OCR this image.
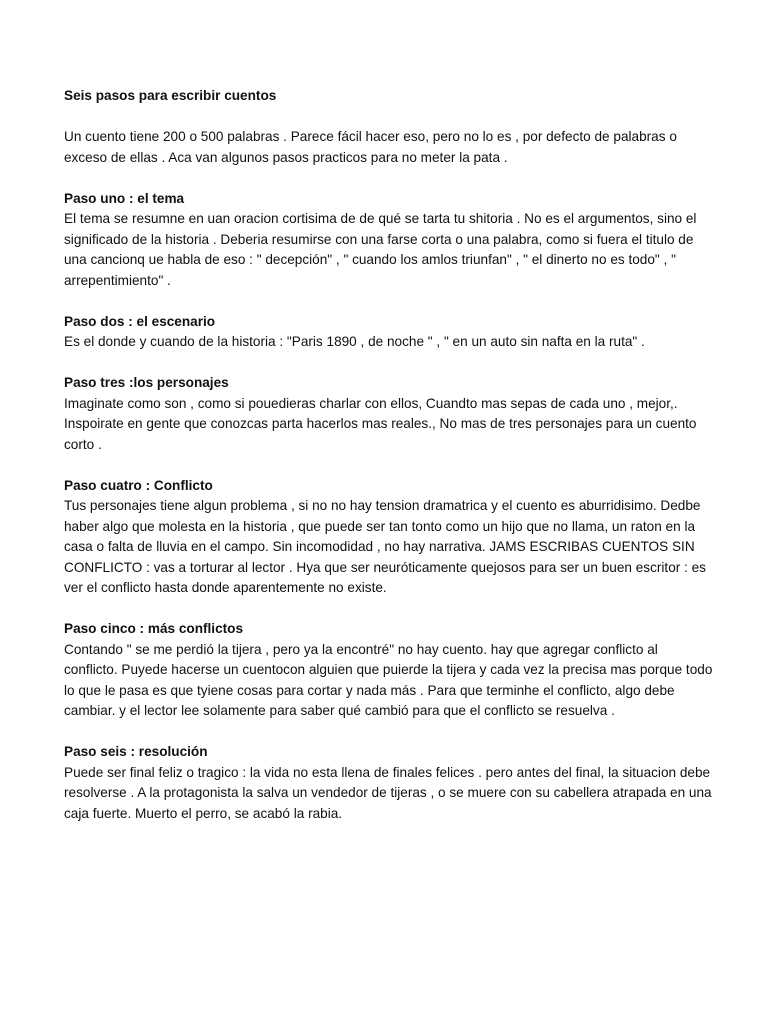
Seis pasos para escribir cuentos

Un cuento tiene 200 o 500 palabras . Parece fácil hacer eso, pero no lo es , por defecto de palabras o exceso de ellas . Aca van algunos pasos practicos para no meter la pata .

Paso uno : el tema

El tema se resumne en uan oracion cortisima de de qué se tarta tu shitoria . No es el argumentos, sino el significado de la historia . Deberia resumirse con una farse corta o una palabra, como si fuera el titulo de una cancionq ue habla de eso : " decepción" , " cuando los amlos triunfan" , " el dinerto no es todo" , " arrepentimiento" .

Paso dos : el escenario

Es el donde y cuando de la historia : "Paris 1890 , de noche " , " en un auto sin nafta en la ruta" .

Paso tres :los personajes

Imaginate como son , como si pouedieras charlar con ellos, Cuandto mas sepas de cada uno , mejor,. Inspoirate en gente que conozcas parta hacerlos mas reales., No mas de tres personajes para un cuento corto .

Paso cuatro : Conflicto

Tus personajes tiene algun problema , si no no hay tension dramatrica y el cuento es aburridisimo. Dedbe haber algo que molesta en la historia , que puede ser tan tonto como un hijo que no llama, un raton en la casa o falta de lluvia en el campo. Sin incomodidad , no hay narrativa. JAMS ESCRIBAS CUENTOS SIN CONFLICTO : vas a torturar al lector . Hya que ser neuróticamente quejosos para ser un buen escritor : es ver el conflicto hasta donde aparentemente no existe.

Paso cinco : más conflictos

Contando " se me perdió la tijera , pero ya la encontré" no hay cuento. hay que agregar conflicto al conflicto. Puyede hacerse un cuentocon alguien que puierde la tijera y cada vez la precisa mas porque todo lo que le pasa es que tyiene cosas para cortar y nada más . Para que terminhe el conflicto, algo debe cambiar. y el lector lee solamente para saber qué cambió para que el conflicto se resuelva .

Paso seis : resolución

Puede ser final feliz o tragico : la vida no esta llena de finales felices . pero antes del final, la situacion debe resolverse . A la protagonista la salva un vendedor de tijeras , o se muere con su cabellera atrapada en una caja fuerte. Muerto el perro, se acabó la rabia.
